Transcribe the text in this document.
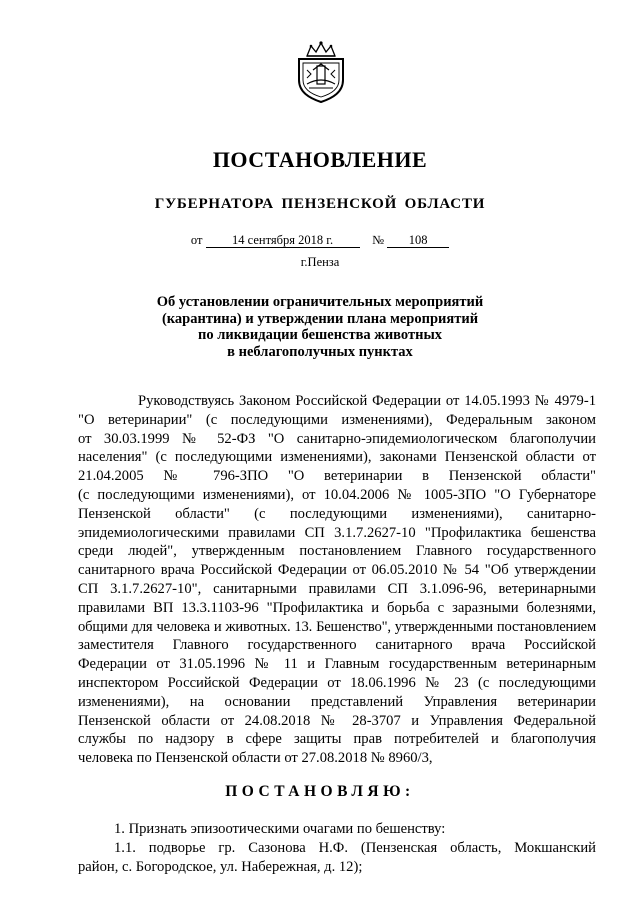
ПОСТАНОВЛЕНИЕ
ГУБЕРНАТОРА ПЕНЗЕНСКОЙ ОБЛАСТИ
от 14 сентября 2018 г.	№ 108
г.Пенза
Об установлении ограничительных мероприятий
(карантина) и утверждении плана мероприятий
по ликвидации бешенства животных
в неблагополучных пунктах
Руководствуясь Законом Российской Федерации от 14.05.1993 № 4979-1
"О ветеринарии" (с последующими изменениями), Федеральным законом
от 30.03.1999 № 52-ФЗ "О санитарно-эпидемиологическом благополучии
населения" (с последующими изменениями), законами Пензенской области от
21.04.2005 № 796-ЗПО "О ветеринарии в Пензенской области"
(с последующими изменениями), от 10.04.2006 № 1005-ЗПО "О Губернаторе
Пензенской области" (с последующими изменениями), санитарно-
эпидемиологическими правилами СП 3.1.7.2627-10 "Профилактика бешенства
среди людей", утвержденным постановлением Главного государственного
санитарного врача Российской Федерации от 06.05.2010 № 54 "Об утверждении
СП 3.1.7.2627-10", санитарными правилами СП 3.1.096-96, ветеринарными
правилами ВП 13.3.1103-96 "Профилактика и борьба с заразными болезнями,
общими для человека и животных. 13. Бешенство", утвержденными постановлением
заместителя Главного государственного санитарного врача Российской
Федерации от 31.05.1996 № 11 и Главным государственным ветеринарным
инспектором Российской Федерации от 18.06.1996 № 23 (с последующими
изменениями), на основании представлений Управления ветеринарии
Пензенской области от 24.08.2018 № 28-3707 и Управления Федеральной
службы по надзору в сфере защиты прав потребителей и благополучия
человека по Пензенской области от 27.08.2018 № 8960/3,
ПОСТАНОВЛЯЮ:
1. Признать эпизоотическими очагами по бешенству:
1.1. подворье гр. Сазонова Н.Ф. (Пензенская область, Мокшанский
район, с. Богородское, ул. Набережная, д. 12);
